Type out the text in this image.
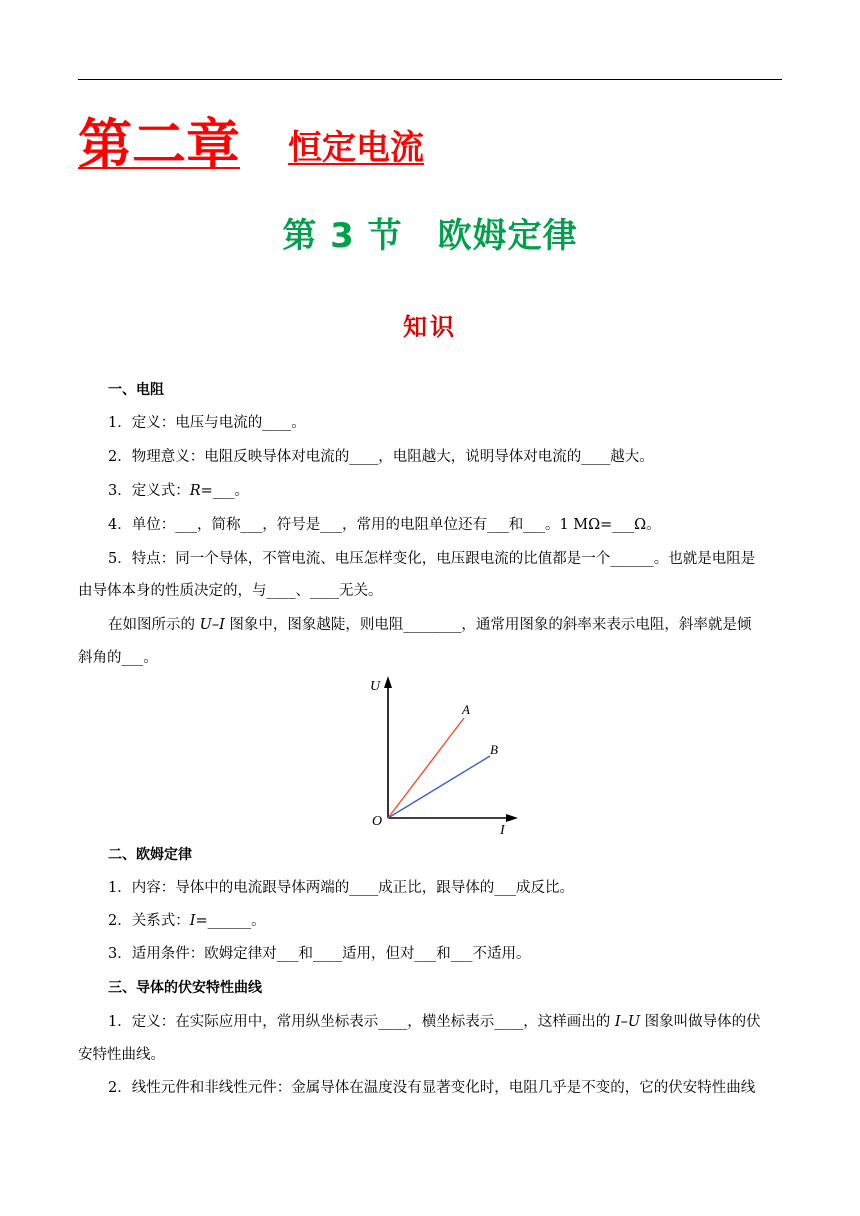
第二章 恒定电流
第 3 节　欧姆定律
知识
一、电阻
1．定义：电压与电流的____。
2．物理意义：电阻反映导体对电流的____，电阻越大，说明导体对电流的____越大。
3．定义式：R=___。
4．单位：___，简称___，符号是___，常用的电阻单位还有___和___。1 MΩ=___Ω。
5．特点：同一个导体，不管电流、电压怎样变化，电压跟电流的比值都是一个______。也就是电阻是
由导体本身的性质决定的，与____、____无关。
在如图所示的 U–I 图象中，图象越陡，则电阻________，通常用图象的斜率来表示电阻，斜率就是倾
斜角的___。
U
I
O
A
B
二、欧姆定律
1．内容：导体中的电流跟导体两端的____成正比，跟导体的___成反比。
2．关系式：I=______。
3．适用条件：欧姆定律对___和____适用，但对___和___不适用。
三、导体的伏安特性曲线
1．定义：在实际应用中，常用纵坐标表示____，横坐标表示____，这样画出的 I–U 图象叫做导体的伏
安特性曲线。
2．线性元件和非线性元件：金属导体在温度没有显著变化时，电阻几乎是不变的，它的伏安特性曲线
